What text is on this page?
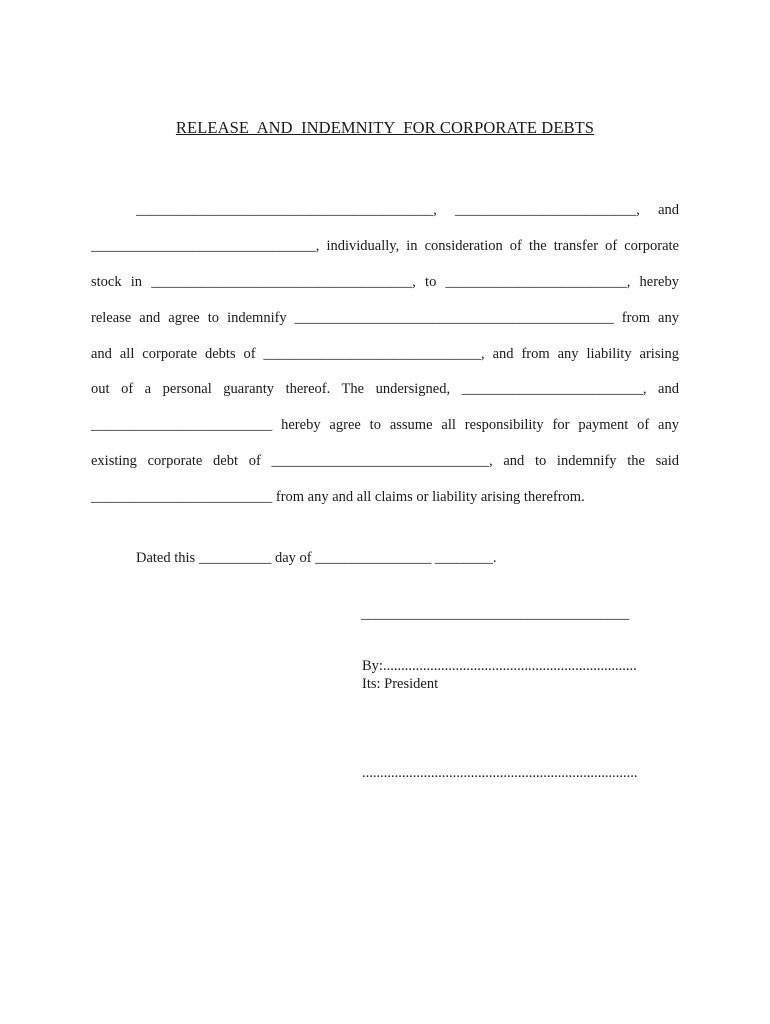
RELEASE  AND  INDEMNITY  FOR CORPORATE DEBTS
_________________________________________, _________________________, and
_______________________________, individually, in consideration of the transfer of corporate
stock in ____________________________________, to _________________________, hereby
release and agree to indemnify ____________________________________________ from any
and all corporate debts of ______________________________, and from any liability arising
out of a personal guaranty thereof. The undersigned, _________________________, and
_________________________ hereby agree to assume all responsibility for payment of any
existing corporate debt of ______________________________, and to indemnify the said
_________________________ from any and all claims or liability arising therefrom.
Dated this __________ day of ________________ ________.
_____________________________________
By:......................................................................
Its: President
............................................................................
